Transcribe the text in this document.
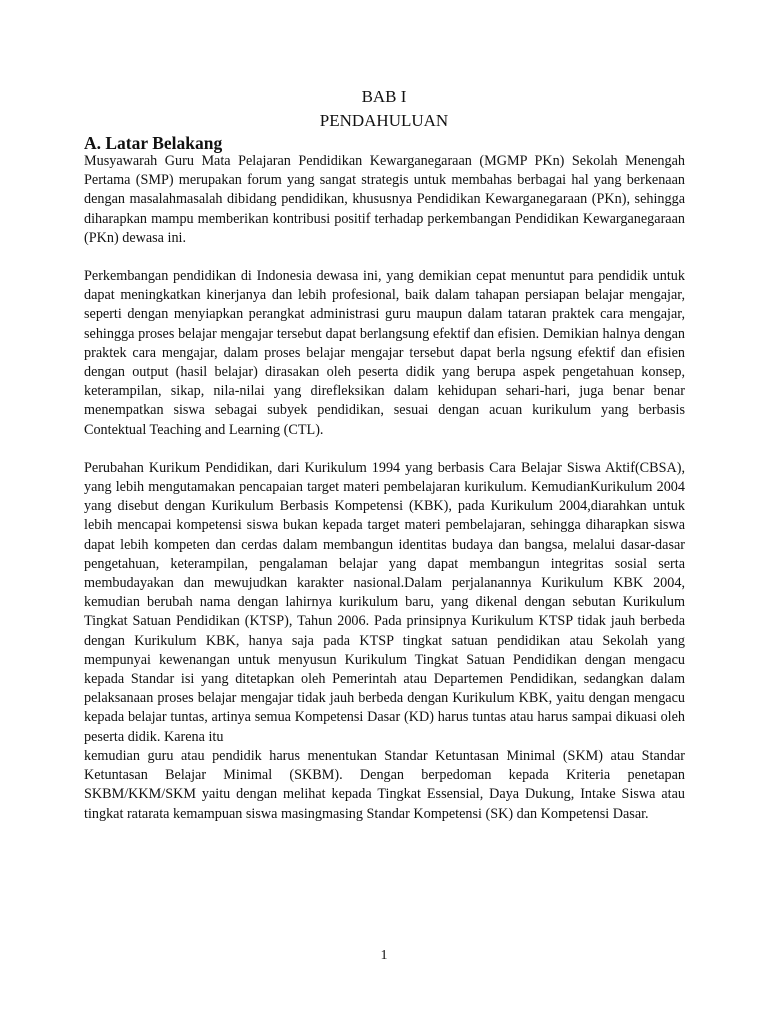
BAB I
PENDAHULUAN
A. Latar Belakang

Musyawarah Guru Mata Pelajaran Pendidikan Kewarganegaraan (MGMP PKn) Sekolah Menengah Pertama (SMP) merupakan forum yang sangat strategis untuk membahas berbagai hal yang berkenaan dengan masalahmasalah dibidang pendidikan, khususnya Pendidikan Kewarganegaraan (PKn), sehingga diharapkan mampu memberikan kontribusi positif terhadap perkembangan Pendidikan Kewarganegaraan (PKn) dewasa ini.

Perkembangan pendidikan di Indonesia dewasa ini, yang demikian cepat menuntut para pendidik untuk dapat meningkatkan kinerjanya dan lebih profesional, baik dalam tahapan persiapan belajar mengajar, seperti dengan menyiapkan perangkat administrasi guru maupun dalam tataran praktek cara mengajar, sehingga proses belajar mengajar tersebut dapat berlangsung efektif dan efisien. Demikian halnya dengan praktek cara mengajar, dalam proses belajar mengajar tersebut dapat berla ngsung efektif dan efisien dengan output (hasil belajar) dirasakan oleh peserta didik yang berupa aspek pengetahuan konsep, keterampilan, sikap, nila-nilai yang direfleksikan dalam kehidupan sehari-hari, juga benar benar menempatkan siswa sebagai subyek pendidikan, sesuai dengan acuan kurikulum yang berbasis Contektual Teaching and Learning (CTL).

Perubahan Kurikum Pendidikan, dari Kurikulum 1994 yang berbasis Cara Belajar Siswa Aktif(CBSA), yang lebih mengutamakan pencapaian target materi pembelajaran kurikulum. KemudianKurikulum 2004 yang disebut dengan Kurikulum Berbasis Kompetensi (KBK), pada Kurikulum 2004,diarahkan untuk lebih mencapai kompetensi siswa bukan kepada target materi pembelajaran, sehingga diharapkan siswa dapat lebih kompeten dan cerdas dalam membangun identitas budaya dan bangsa, melalui dasar-dasar pengetahuan, keterampilan, pengalaman belajar yang dapat membangun integritas sosial serta membudayakan dan mewujudkan karakter nasional.Dalam perjalanannya Kurikulum KBK 2004, kemudian berubah nama dengan lahirnya kurikulum baru, yang dikenal dengan sebutan Kurikulum Tingkat Satuan Pendidikan (KTSP), Tahun 2006. Pada prinsipnya Kurikulum KTSP tidak jauh berbeda dengan Kurikulum KBK, hanya saja pada KTSP tingkat satuan pendidikan atau Sekolah yang mempunyai kewenangan untuk menyusun Kurikulum Tingkat Satuan Pendidikan dengan mengacu kepada Standar isi yang ditetapkan oleh Pemerintah atau Departemen Pendidikan, sedangkan dalam pelaksanaan proses belajar mengajar tidak jauh berbeda dengan Kurikulum KBK, yaitu dengan mengacu kepada belajar tuntas, artinya semua Kompetensi Dasar (KD) harus tuntas atau harus sampai dikuasi oleh peserta didik. Karena itu

kemudian guru atau pendidik harus menentukan Standar Ketuntasan Minimal (SKM) atau Standar Ketuntasan Belajar Minimal (SKBM). Dengan berpedoman kepada Kriteria penetapan SKBM/KKM/SKM yaitu dengan melihat kepada Tingkat Essensial, Daya Dukung, Intake Siswa atau tingkat ratarata kemampuan siswa masingmasing Standar Kompetensi (SK) dan Kompetensi Dasar.

1
